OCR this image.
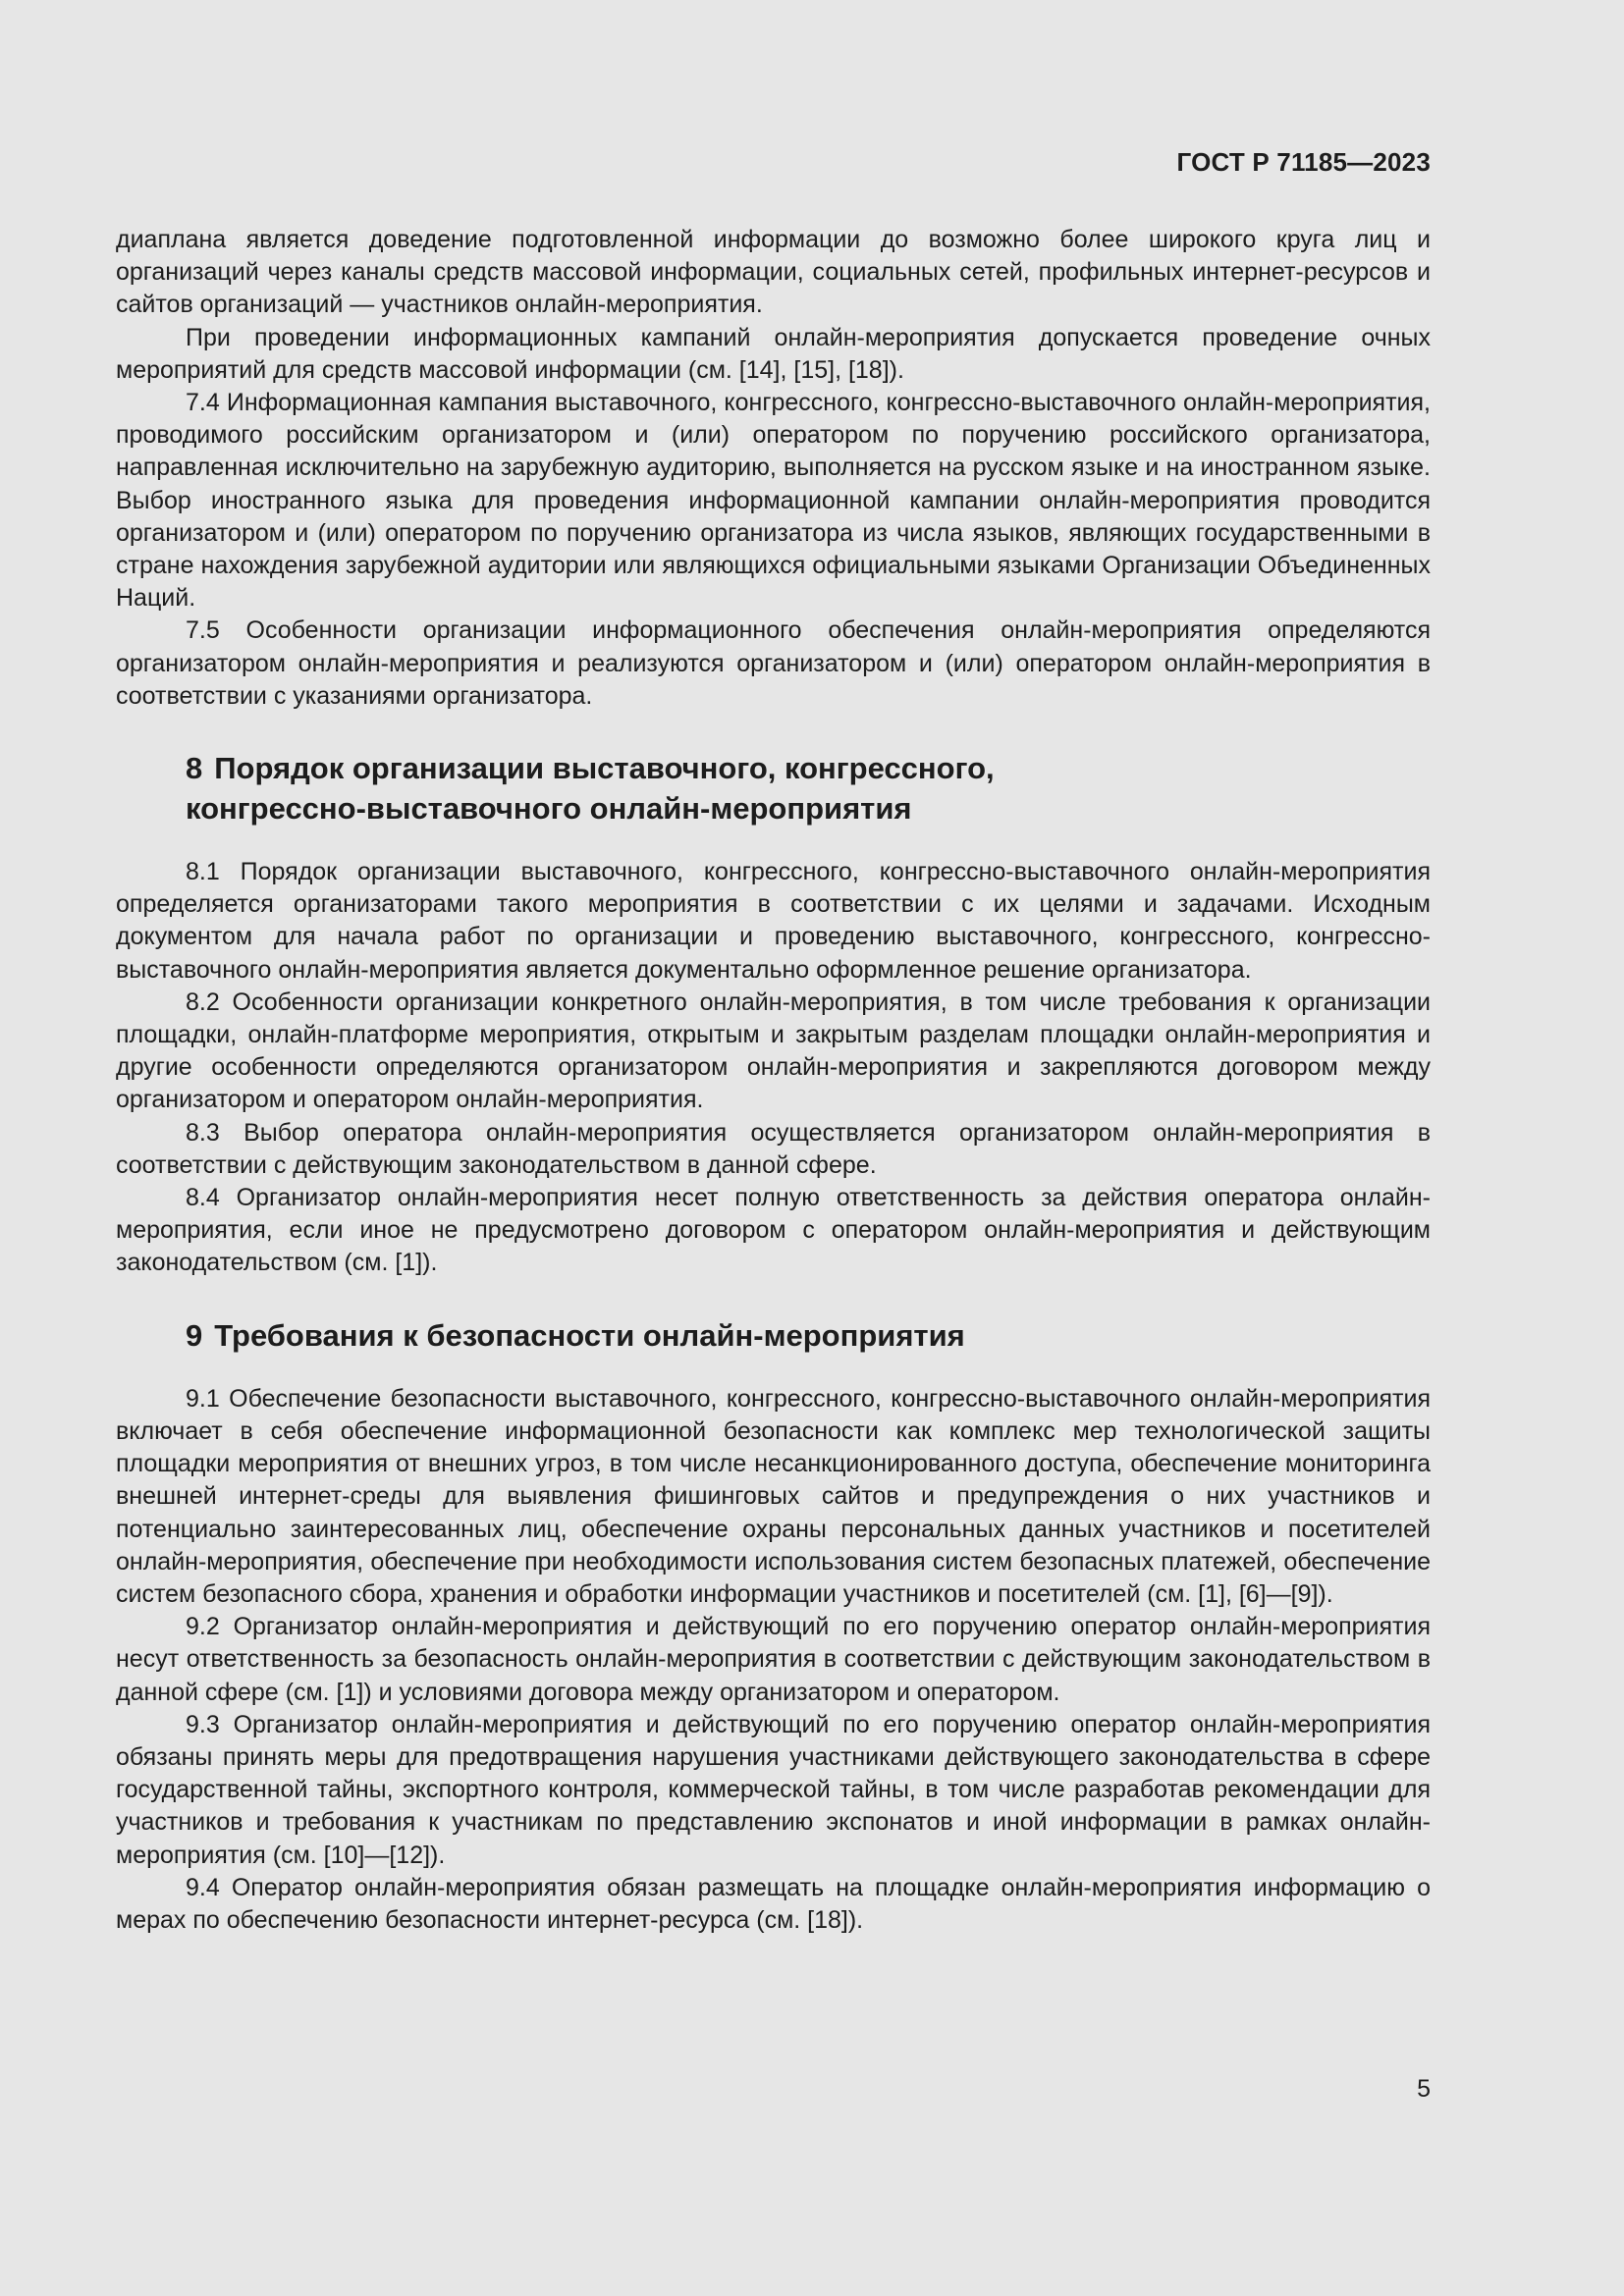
ГОСТ Р 71185—2023

диаплана является доведение подготовленной информации до возможно более широкого круга лиц и организаций через каналы средств массовой информации, социальных сетей, профильных интернет-ресурсов и сайтов организаций — участников онлайн-мероприятия.

При проведении информационных кампаний онлайн-мероприятия допускается проведение очных мероприятий для средств массовой информации (см. [14], [15], [18]).

7.4 Информационная кампания выставочного, конгрессного, конгрессно-выставочного онлайн-мероприятия, проводимого российским организатором и (или) оператором по поручению российского организатора, направленная исключительно на зарубежную аудиторию, выполняется на русском языке и на иностранном языке. Выбор иностранного языка для проведения информационной кампании онлайн-мероприятия проводится организатором и (или) оператором по поручению организатора из числа языков, являющих государственными в стране нахождения зарубежной аудитории или являющихся официальными языками Организации Объединенных Наций.

7.5 Особенности организации информационного обеспечения онлайн-мероприятия определяются организатором онлайн-мероприятия и реализуются организатором и (или) оператором онлайн-мероприятия в соответствии с указаниями организатора.

8 Порядок организации выставочного, конгрессного,
конгрессно-выставочного онлайн-мероприятия

8.1 Порядок организации выставочного, конгрессного, конгрессно-выставочного онлайн-мероприятия определяется организаторами такого мероприятия в соответствии с их целями и задачами. Исходным документом для начала работ по организации и проведению выставочного, конгрессного, конгрессно-выставочного онлайн-мероприятия является документально оформленное решение организатора.

8.2 Особенности организации конкретного онлайн-мероприятия, в том числе требования к организации площадки, онлайн-платформе мероприятия, открытым и закрытым разделам площадки онлайн-мероприятия и другие особенности определяются организатором онлайн-мероприятия и закрепляются договором между организатором и оператором онлайн-мероприятия.

8.3 Выбор оператора онлайн-мероприятия осуществляется организатором онлайн-мероприятия в соответствии с действующим законодательством в данной сфере.

8.4 Организатор онлайн-мероприятия несет полную ответственность за действия оператора онлайн-мероприятия, если иное не предусмотрено договором с оператором онлайн-мероприятия и действующим законодательством (см. [1]).

9 Требования к безопасности онлайн-мероприятия

9.1 Обеспечение безопасности выставочного, конгрессного, конгрессно-выставочного онлайн-мероприятия включает в себя обеспечение информационной безопасности как комплекс мер технологической защиты площадки мероприятия от внешних угроз, в том числе несанкционированного доступа, обеспечение мониторинга внешней интернет-среды для выявления фишинговых сайтов и предупреждения о них участников и потенциально заинтересованных лиц, обеспечение охраны персональных данных участников и посетителей онлайн-мероприятия, обеспечение при необходимости использования систем безопасных платежей, обеспечение систем безопасного сбора, хранения и обработки информации участников и посетителей (см. [1], [6]—[9]).

9.2 Организатор онлайн-мероприятия и действующий по его поручению оператор онлайн-мероприятия несут ответственность за безопасность онлайн-мероприятия в соответствии с действующим законодательством в данной сфере (см. [1]) и условиями договора между организатором и оператором.

9.3 Организатор онлайн-мероприятия и действующий по его поручению оператор онлайн-мероприятия обязаны принять меры для предотвращения нарушения участниками действующего законодательства в сфере государственной тайны, экспортного контроля, коммерческой тайны, в том числе разработав рекомендации для участников и требования к участникам по представлению экспонатов и иной информации в рамках онлайн-мероприятия (см. [10]—[12]).

9.4 Оператор онлайн-мероприятия обязан размещать на площадке онлайн-мероприятия информацию о мерах по обеспечению безопасности интернет-ресурса (см. [18]).

5
